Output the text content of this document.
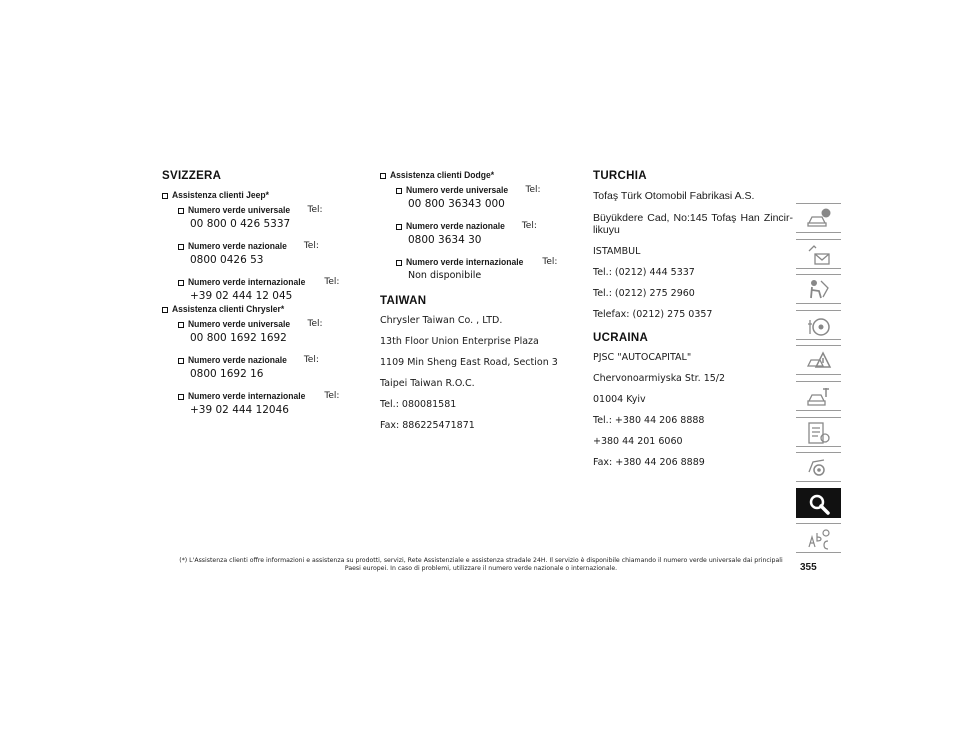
SVIZZERA
Assistenza clienti Jeep*
Numero verde universale Tel:
00 800 0 426 5337
Numero verde nazionale Tel:
0800 0426 53
Numero verde internazionale Tel:
+39 02 444 12 045
Assistenza clienti Chrysler*
Numero verde universale Tel:
00 800 1692 1692
Numero verde nazionale Tel:
0800 1692 16
Numero verde internazionale Tel:
+39 02 444 12046
Assistenza clienti Dodge*
Numero verde universale Tel:
00 800 36343 000
Numero verde nazionale Tel:
0800 3634 30
Numero verde internazionale Tel:
Non disponibile
TAIWAN
Chrysler Taiwan Co. , LTD.
13th Floor Union Enterprise Plaza
1109 Min Sheng East Road, Section 3
Taipei Taiwan R.O.C.
Tel.: 080081581
Fax: 886225471871
TURCHIA
Tofaş Türk Otomobil Fabrikasi A.S.
Büyükdere Cad, No:145 Tofaş Han Zincir-likuyu
ISTAMBUL
Tel.: (0212) 444 5337
Tel.: (0212) 275 2960
Telefax: (0212) 275 0357
UCRAINA
PJSC "AUTOCAPITAL"
Chervonoarmiyska Str. 15/2
01004 Kyiv
Tel.: +380 44 206 8888
+380 44 201 6060
Fax: +380 44 206 8889
(*) L'Assistenza clienti offre informazioni e assistenza su prodotti, servizi, Rete Assistenziale e assistenza stradale 24H. Il servizio è disponibile chiamando il numero verde universale dai principali Paesi europei. In caso di problemi, utilizzare il numero verde nazionale o internazionale.	355
